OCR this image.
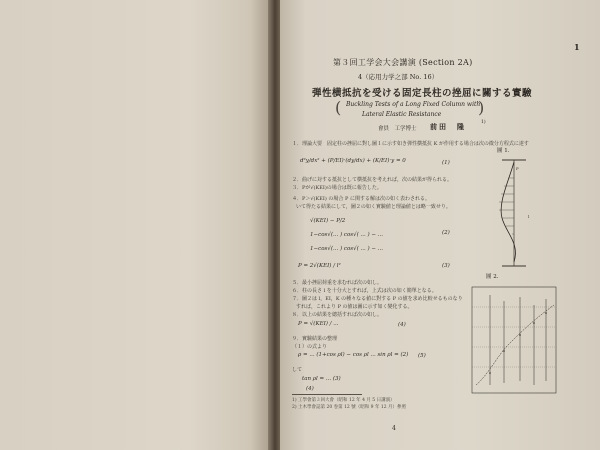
1
第３回工学会大会講演 (Section 2A)
4（応用力学之部 No. 16）
弾性横抵抗を受ける固定長柱の挫屈に關する實驗
Buckling Tests of a Long Fixed Column with
Lateral Elastic Resistance
(	)
會員　工学博士 前田　隆	1)
１．理論大要　固定柱の挫屈に對し圖１に示す如き弾性横抵抗 K が作用する場合は次の微分方程式に達す
d²y/dx² + (P/EI)·(dy/dx) + (K/EI)·y = 0	(1)
２．曲げに対する抵抗として横抵抗を考えれば，次の結果が得られる。
３．Pが√(KEI)の場合は既に報告した。
４．P＞√(KEI) の場合 P に関する解は次の如く表わされる。
いて得たる結果にして，圖２の如く實驗値と理論値とは略一致せり。
√(KEI) − P/2
1−cos√(... ) cos√( ... ) − ...	(2)
1−cos√(... ) cos√( ... ) − ...
P = 2√(KEI) / l²	(3)
５．最小挫屈荷重を求むれば次の如し。
６．柱の長さ l を十分大とすれば，上式は次の如く簡單となる。
７．圖２は l，EI，K の種々なる値に對する P の値を求め比較せるものなり
すれば，これより P の値は圖に示す如く變化する。
８．以上の結果を總括すれば次の如し。
P = √(KEI) / ...	(4)
９．實驗結果の整理
（１）の式より
ρ = ... (1+cos ρl) − cos ρl ... sin ρl = (2) (5)
して
tan ρl = ... (3)
(4)
1) 工學會第３回大會（昭和 12 年 4 月 5 日講演）
2) 土木學會誌第 20 卷第 12 號（昭和 9 年 12 月）參照
4
圖 1.
P
l
圖 2.
